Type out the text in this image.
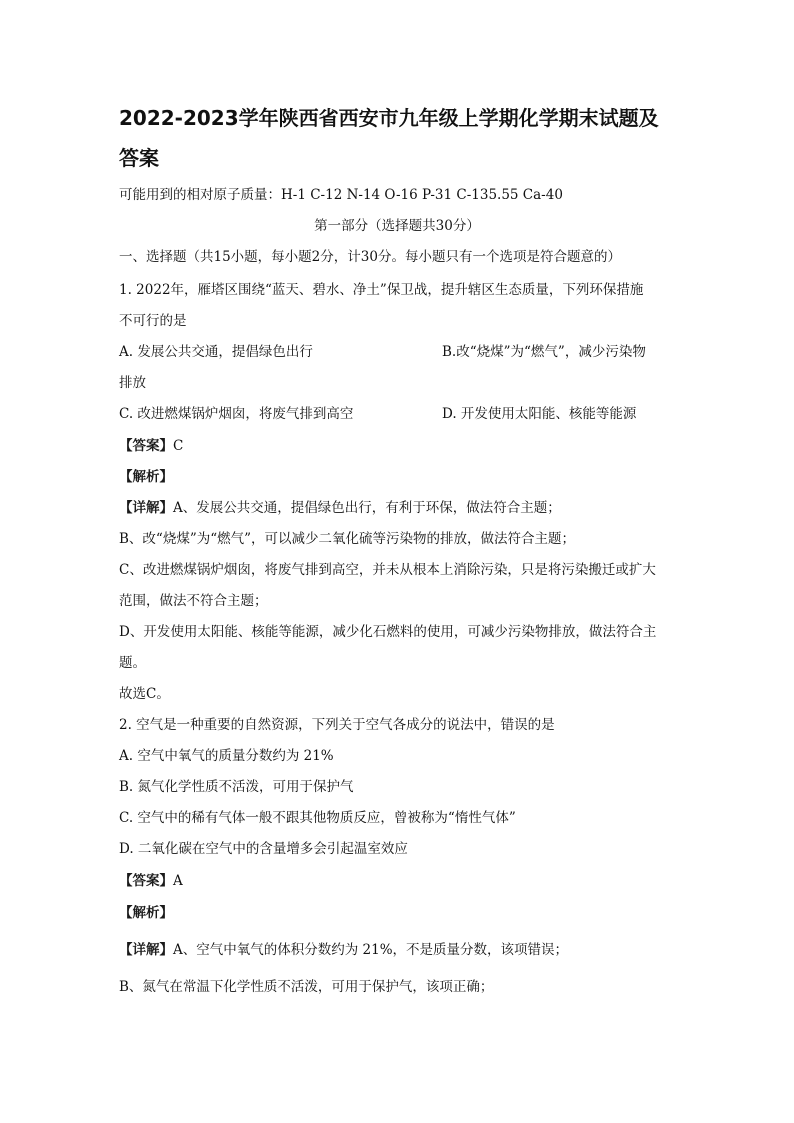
2022-2023学年陕西省西安市九年级上学期化学期末试题及
答案
可能用到的相对原子质量：H-1 C-12 N-14 O-16 P-31 C-135.55 Ca-40
第一部分（选择题共30分）
一、选择题（共15小题，每小题2分，计30分。每小题只有一个选项是符合题意的）
1. 2022年，雁塔区围绕“蓝天、碧水、净土”保卫战，提升辖区生态质量，下列环保措施
不可行的是
A. 发展公共交通，提倡绿色出行	B.改“烧煤”为“燃气”，减少污染物
排放
C. 改进燃煤锅炉烟囱，将废气排到高空	D. 开发使用太阳能、核能等能源
【答案】C
【解析】
【详解】A、发展公共交通，提倡绿色出行，有利于环保，做法符合主题；
B、改“烧煤”为“燃气”，可以减少二氧化硫等污染物的排放，做法符合主题；
C、改进燃煤锅炉烟囱，将废气排到高空，并未从根本上消除污染，只是将污染搬迁或扩大
范围，做法不符合主题；
D、开发使用太阳能、核能等能源，减少化石燃料的使用，可减少污染物排放，做法符合主
题。
故选C。
2. 空气是一种重要的自然资源，下列关于空气各成分的说法中，错误的是
A. 空气中氧气的质量分数约为 21%
B. 氮气化学性质不活泼，可用于保护气
C. 空气中的稀有气体一般不跟其他物质反应，曾被称为“惰性气体”
D. 二氧化碳在空气中的含量增多会引起温室效应
【答案】A
【解析】
【详解】A、空气中氧气的体积分数约为 21%，不是质量分数，该项错误；
B、氮气在常温下化学性质不活泼，可用于保护气，该项正确；
